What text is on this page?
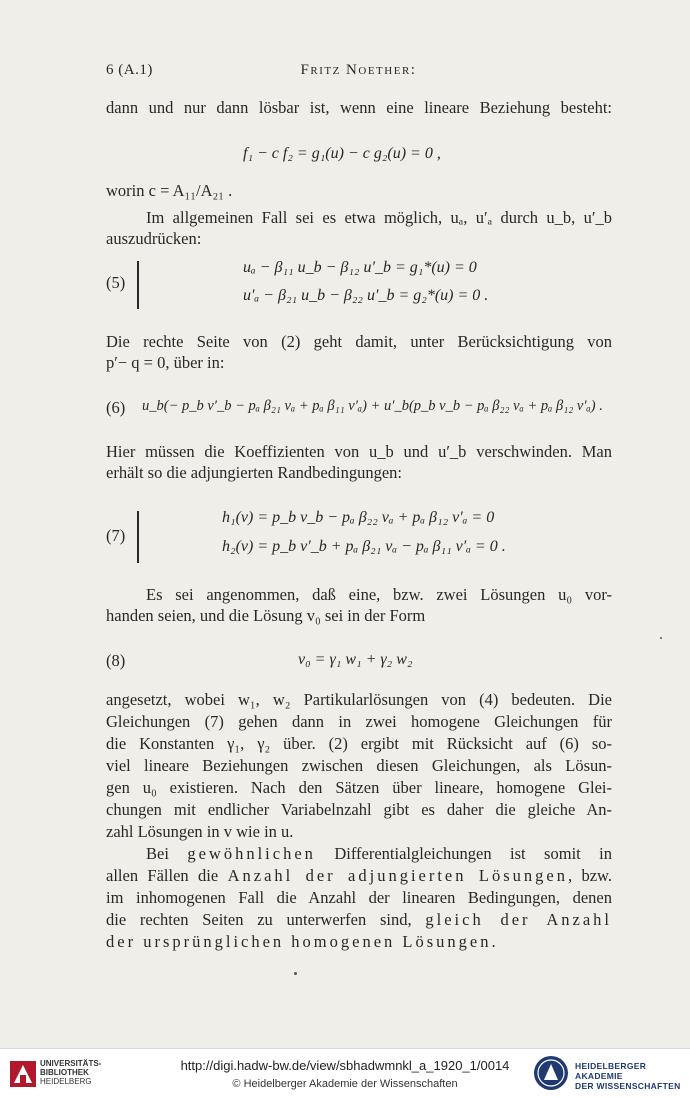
6 (A.1)	Fritz Noether:
dann und nur dann lösbar ist, wenn eine lineare Beziehung besteht:
f₁ − c f₂ = g₁(u) − c g₂(u) = 0 ,
worin c = A₁₁/A₂₁ .
Im allgemeinen Fall sei es etwa möglich, uₐ, u′ₐ durch u_b, u′_b
auszudrücken:
(5)
uₐ − β₁₁ u_b − β₁₂ u′_b = g₁*(u) = 0
u′ₐ − β₂₁ u_b − β₂₂ u′_b = g₂*(u) = 0 .
Die rechte Seite von (2) geht damit, unter Berücksichtigung von
p′− q = 0, über in:
(6) u_b(− p_b v′_b − pₐ β₂₁ vₐ + pₐ β₁₁ v′ₐ) + u′_b(p_b v_b − pₐ β₂₂ vₐ + pₐ β₁₂ v′ₐ) .
Hier müssen die Koeffizienten von u_b und u′_b verschwinden. Man
erhält so die adjungierten Randbedingungen:
(7)
h₁(v) = p_b v_b − pₐ β₂₂ vₐ + pₐ β₁₂ v′ₐ = 0
h₂(v) = p_b v′_b + pₐ β₂₁ vₐ − pₐ β₁₁ v′ₐ = 0 .
Es sei angenommen, daß eine, bzw. zwei Lösungen u₀ vor-
handen seien, und die Lösung v₀ sei in der Form
(8)	v₀ = γ₁ w₁ + γ₂ w₂
angesetzt, wobei w₁, w₂ Partikularlösungen von (4) bedeuten. Die
Gleichungen (7) gehen dann in zwei homogene Gleichungen für
die Konstanten γ₁, γ₂ über. (2) ergibt mit Rücksicht auf (6) so-
viel lineare Beziehungen zwischen diesen Gleichungen, als Lösun-
gen u₀ existieren. Nach den Sätzen über lineare, homogene Glei-
chungen mit endlicher Variabelnzahl gibt es daher die gleiche An-
zahl Lösungen in v wie in u.
Bei gewöhnlichen Differentialgleichungen ist somit in
allen Fällen die Anzahl der adjungierten Lösungen, bzw.
im inhomogenen Fall die Anzahl der linearen Bedingungen, denen
die rechten Seiten zu unterwerfen sind, gleich der Anzahl
der ursprünglichen homogenen Lösungen.
UNIVERSITÄTS-
BIBLIOTHEK
HEIDELBERG
http://digi.hadw-bw.de/view/sbhadwmnkl_a_1920_1/0014
© Heidelberger Akademie der Wissenschaften
HEIDELBERGER AKADEMIE
DER WISSENSCHAFTEN
